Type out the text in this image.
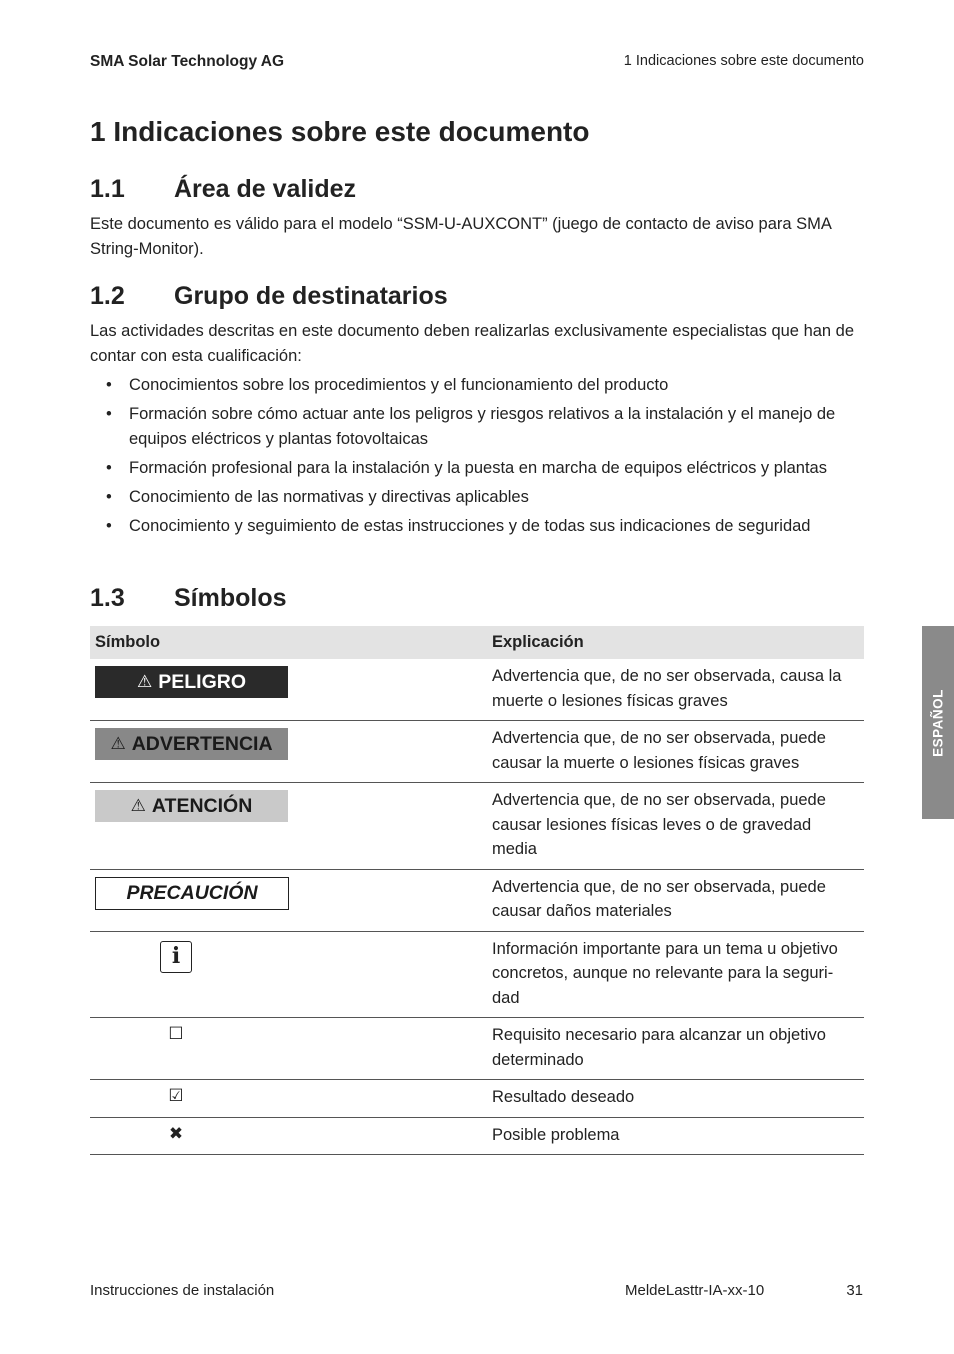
SMA Solar Technology AG	1 Indicaciones sobre este documento
1 Indicaciones sobre este documento
1.1 Área de validez

Este documento es válido para el modelo “SSM-U-AUXCONT” (juego de contacto de aviso para SMA String-Monitor).

1.2 Grupo de destinatarios

Las actividades descritas en este documento deben realizarlas exclusivamente especialistas que han de contar con esta cualificación:

• Conocimientos sobre los procedimientos y el funcionamiento del producto
• Formación sobre cómo actuar ante los peligros y riesgos relativos a la instalación y el manejo de equipos eléctricos y plantas fotovoltaicas
• Formación profesional para la instalación y la puesta en marcha de equipos eléctricos y plantas
• Conocimiento de las normativas y directivas aplicables
• Conocimiento y seguimiento de estas instrucciones y de todas sus indicaciones de seguridad
1.3 Símbolos
Símbolo	Explicación

⚠ PELIGRO	Advertencia que, de no ser observada, causa la muerte o lesiones físicas graves

⚠ ADVERTENCIA	Advertencia que, de no ser observada, puede causar la muerte o lesiones físicas graves

⚠ ATENCIÓN	Advertencia que, de no ser observada, puede causar lesiones físicas leves o de gravedad media

PRECAUCIÓN	Advertencia que, de no ser observada, puede causar daños materiales

i	Información importante para un tema u objetivo concretos, aunque no relevante para la seguri-dad

☐	Requisito necesario para alcanzar un objetivo determinado

☑	Resultado deseado

✖	Posible problema
ESPAÑOL
Instrucciones de instalación	MeldeLasttr-IA-xx-10	31
